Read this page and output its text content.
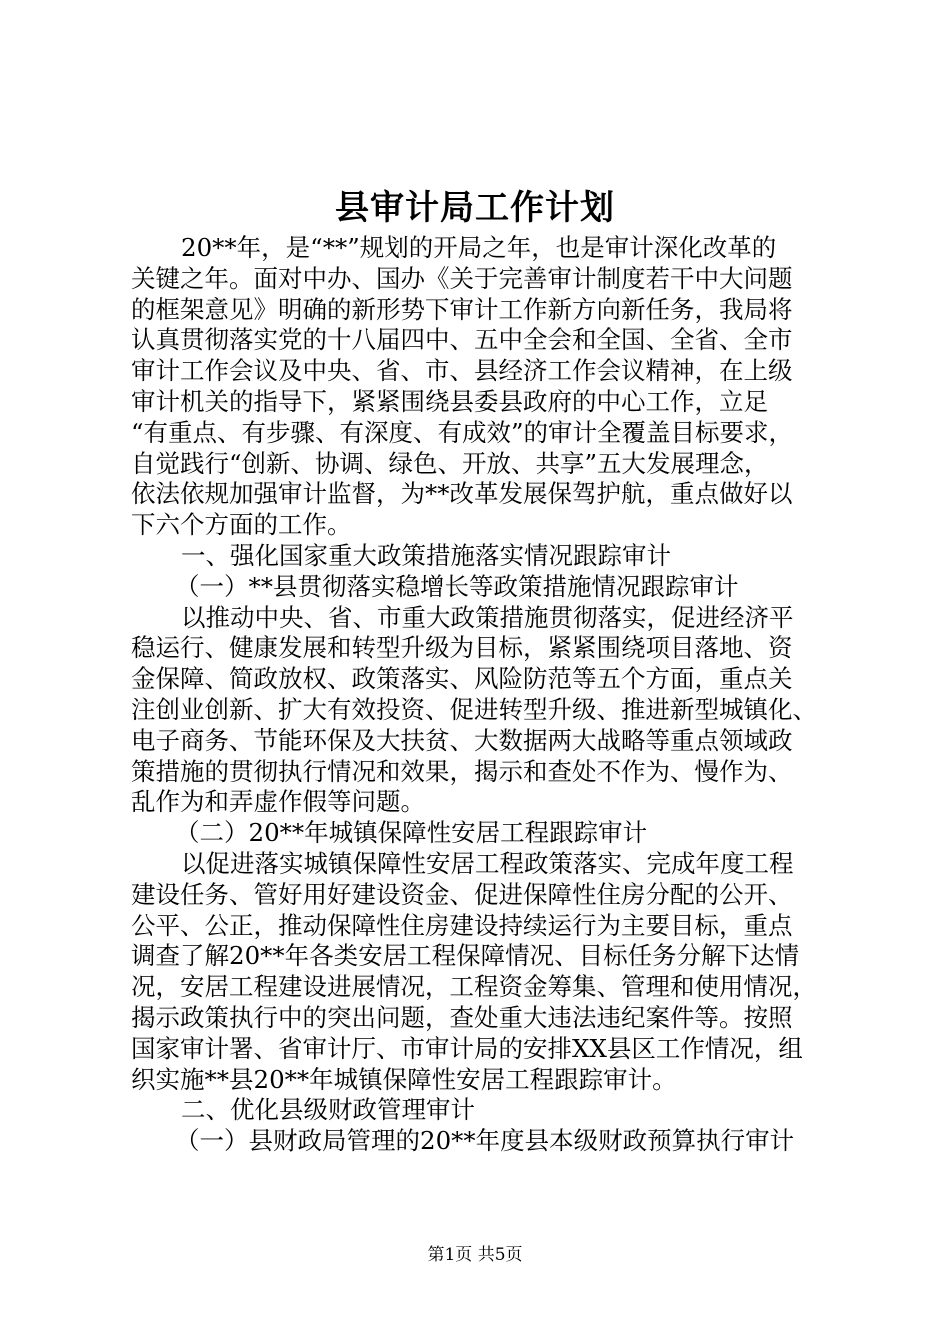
县审计局工作计划

20**年，是“**”规划的开局之年，也是审计深化改革的
关键之年。面对中办、国办《关于完善审计制度若干中大问题
的框架意见》明确的新形势下审计工作新方向新任务，我局将
认真贯彻落实党的十八届四中、五中全会和全国、全省、全市
审计工作会议及中央、省、市、县经济工作会议精神，在上级
审计机关的指导下，紧紧围绕县委县政府的中心工作，立足
“有重点、有步骤、有深度、有成效”的审计全覆盖目标要求，
自觉践行“创新、协调、绿色、开放、共享”五大发展理念，
依法依规加强审计监督，为**改革发展保驾护航，重点做好以
下六个方面的工作。

一、强化国家重大政策措施落实情况跟踪审计

（一）**县贯彻落实稳增长等政策措施情况跟踪审计

以推动中央、省、市重大政策措施贯彻落实，促进经济平
稳运行、健康发展和转型升级为目标，紧紧围绕项目落地、资
金保障、简政放权、政策落实、风险防范等五个方面，重点关
注创业创新、扩大有效投资、促进转型升级、推进新型城镇化、
电子商务、节能环保及大扶贫、大数据两大战略等重点领域政
策措施的贯彻执行情况和效果，揭示和查处不作为、慢作为、
乱作为和弄虚作假等问题。

（二）20**年城镇保障性安居工程跟踪审计

以促进落实城镇保障性安居工程政策落实、完成年度工程
建设任务、管好用好建设资金、促进保障性住房分配的公开、
公平、公正，推动保障性住房建设持续运行为主要目标，重点
调查了解20**年各类安居工程保障情况、目标任务分解下达情
况，安居工程建设进展情况，工程资金筹集、管理和使用情况，
揭示政策执行中的突出问题，查处重大违法违纪案件等。按照
国家审计署、省审计厅、市审计局的安排XX县区工作情况，组
织实施**县20**年城镇保障性安居工程跟踪审计。

二、优化县级财政管理审计

（一）县财政局管理的20**年度县本级财政预算执行审计

第1页 共5页
